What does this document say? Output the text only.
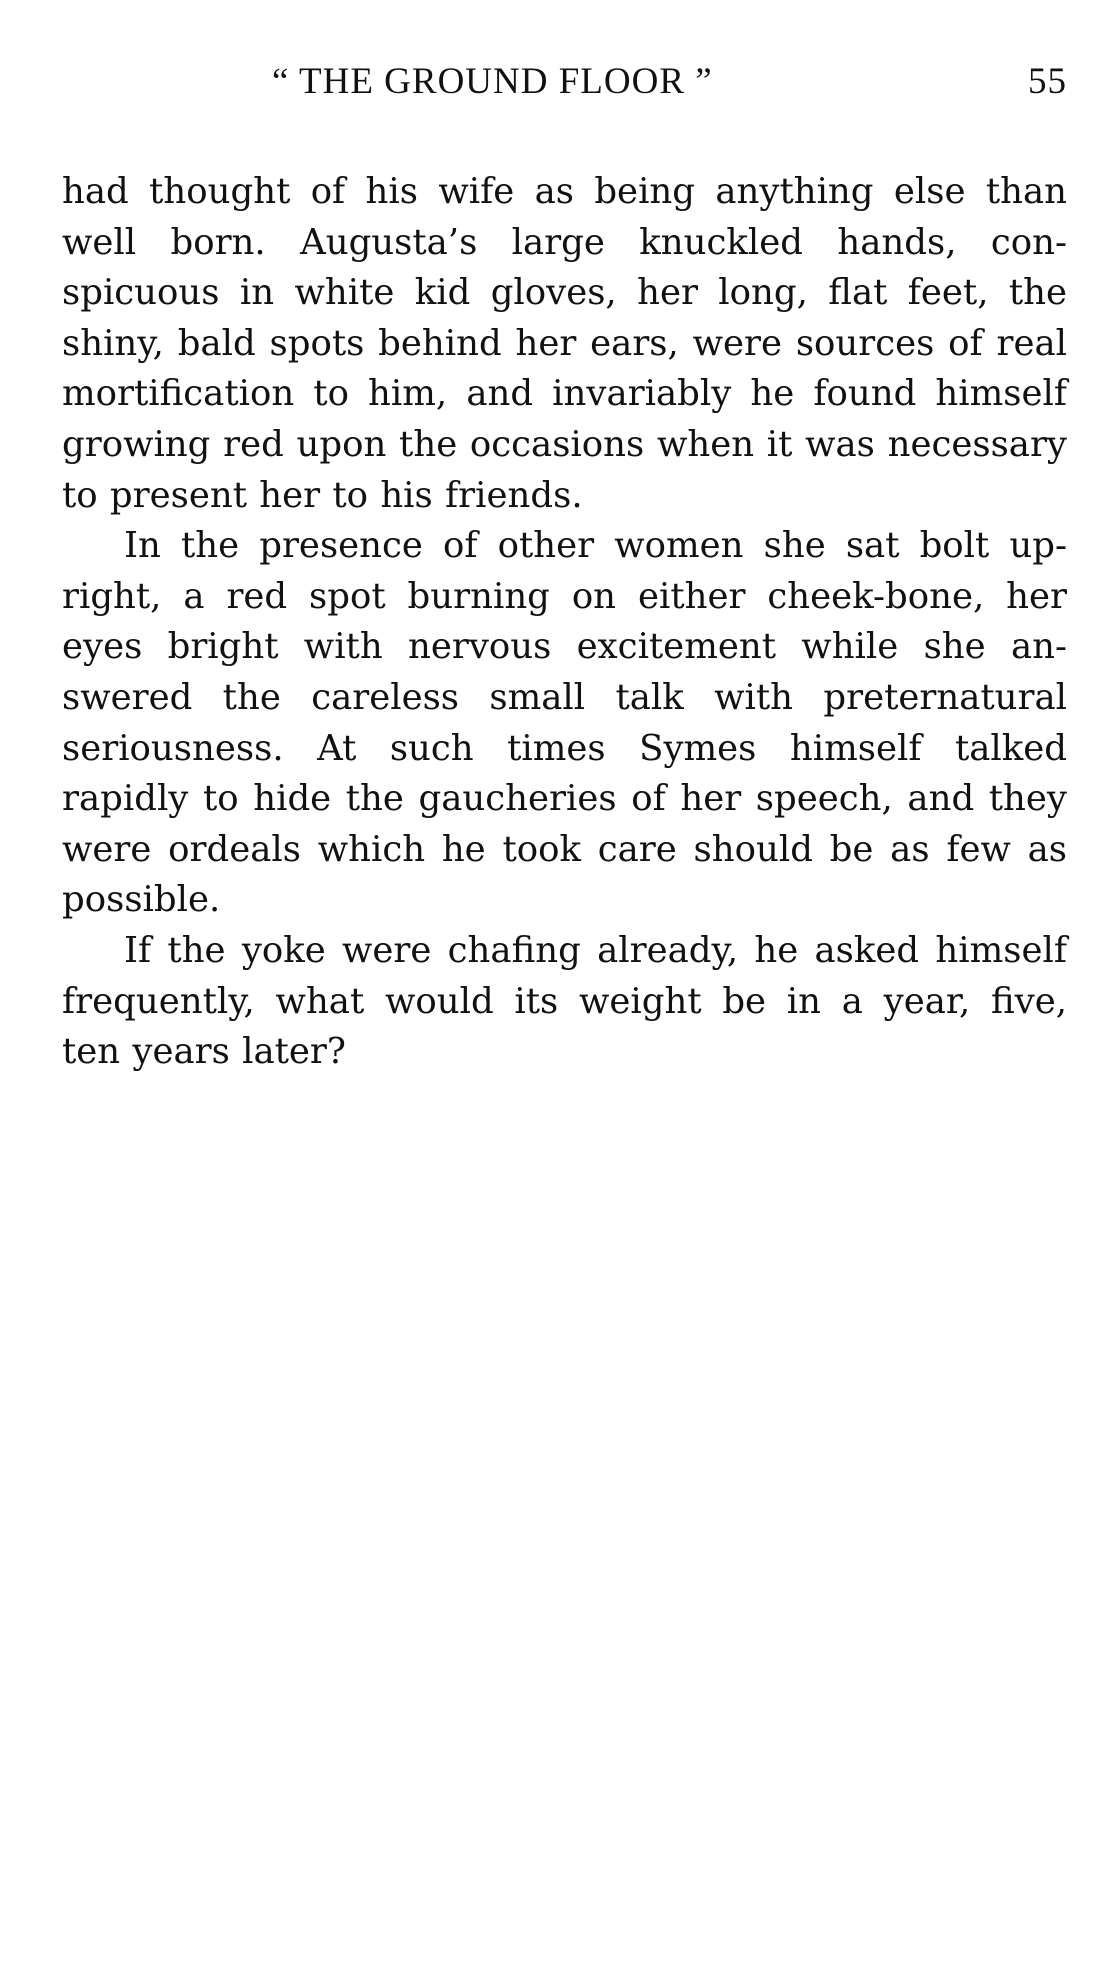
“ THE GROUND FLOOR ”	55

had thought of his wife as being anything else than
well born. Augusta’s large knuckled hands, con-
spicuous in white kid gloves, her long, flat feet, the
shiny, bald spots behind her ears, were sources of real
mortification to him, and invariably he found himself
growing red upon the occasions when it was necessary
to present her to his friends.

In the presence of other women she sat bolt up-
right, a red spot burning on either cheek-bone, her
eyes bright with nervous excitement while she an-
swered the careless small talk with preternatural
seriousness. At such times Symes himself talked
rapidly to hide the gaucheries of her speech, and they
were ordeals which he took care should be as few as
possible.

If the yoke were chafing already, he asked himself
frequently, what would its weight be in a year, five,
ten years later?
